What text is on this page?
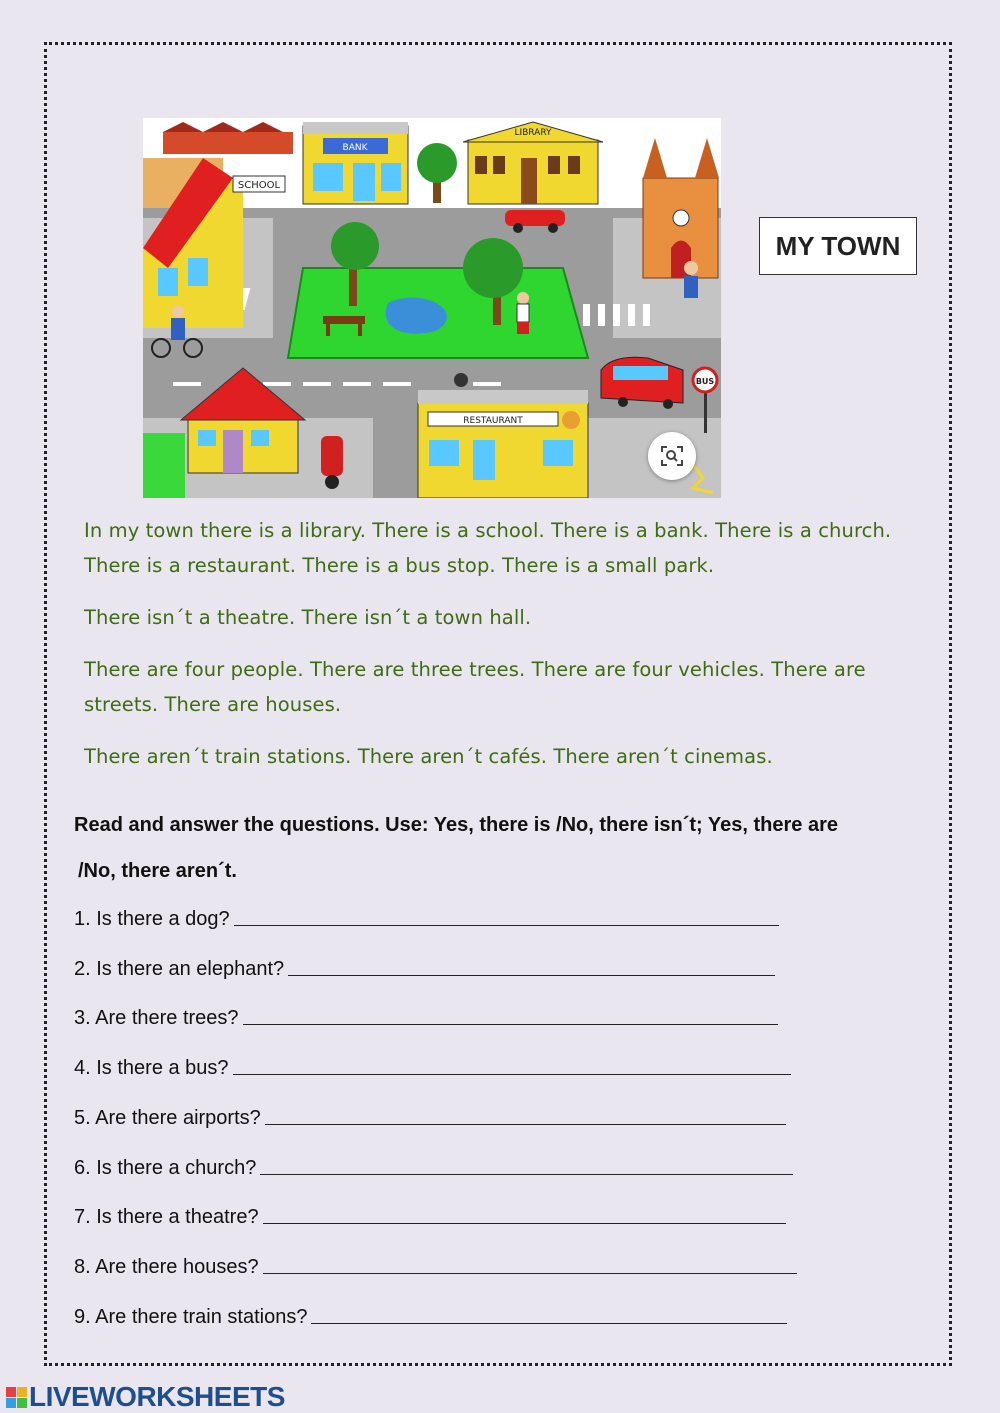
SCHOOL
BANK
LIBRARY
RESTAURANT
BUS
MY TOWN
In my town there is a library. There is a school. There is a bank. There is a church. There is a restaurant. There is a bus stop. There is a small park.
There isn´t a theatre. There isn´t a town hall.
There are four people. There are three trees. There are four vehicles. There are streets. There are houses.
There aren´t train stations. There aren´t cafés. There aren´t cinemas.
Read and answer the questions. Use: Yes, there is /No, there isn´t; Yes, there are
/No, there aren´t.
1. Is there a dog?
2. Is there an elephant?
3. Are there trees?
4. Is there a bus?
5. Are there airports?
6. Is there a church?
7. Is there a theatre?
8. Are there houses?
9. Are there train stations?
LIVEWORKSHEETS
